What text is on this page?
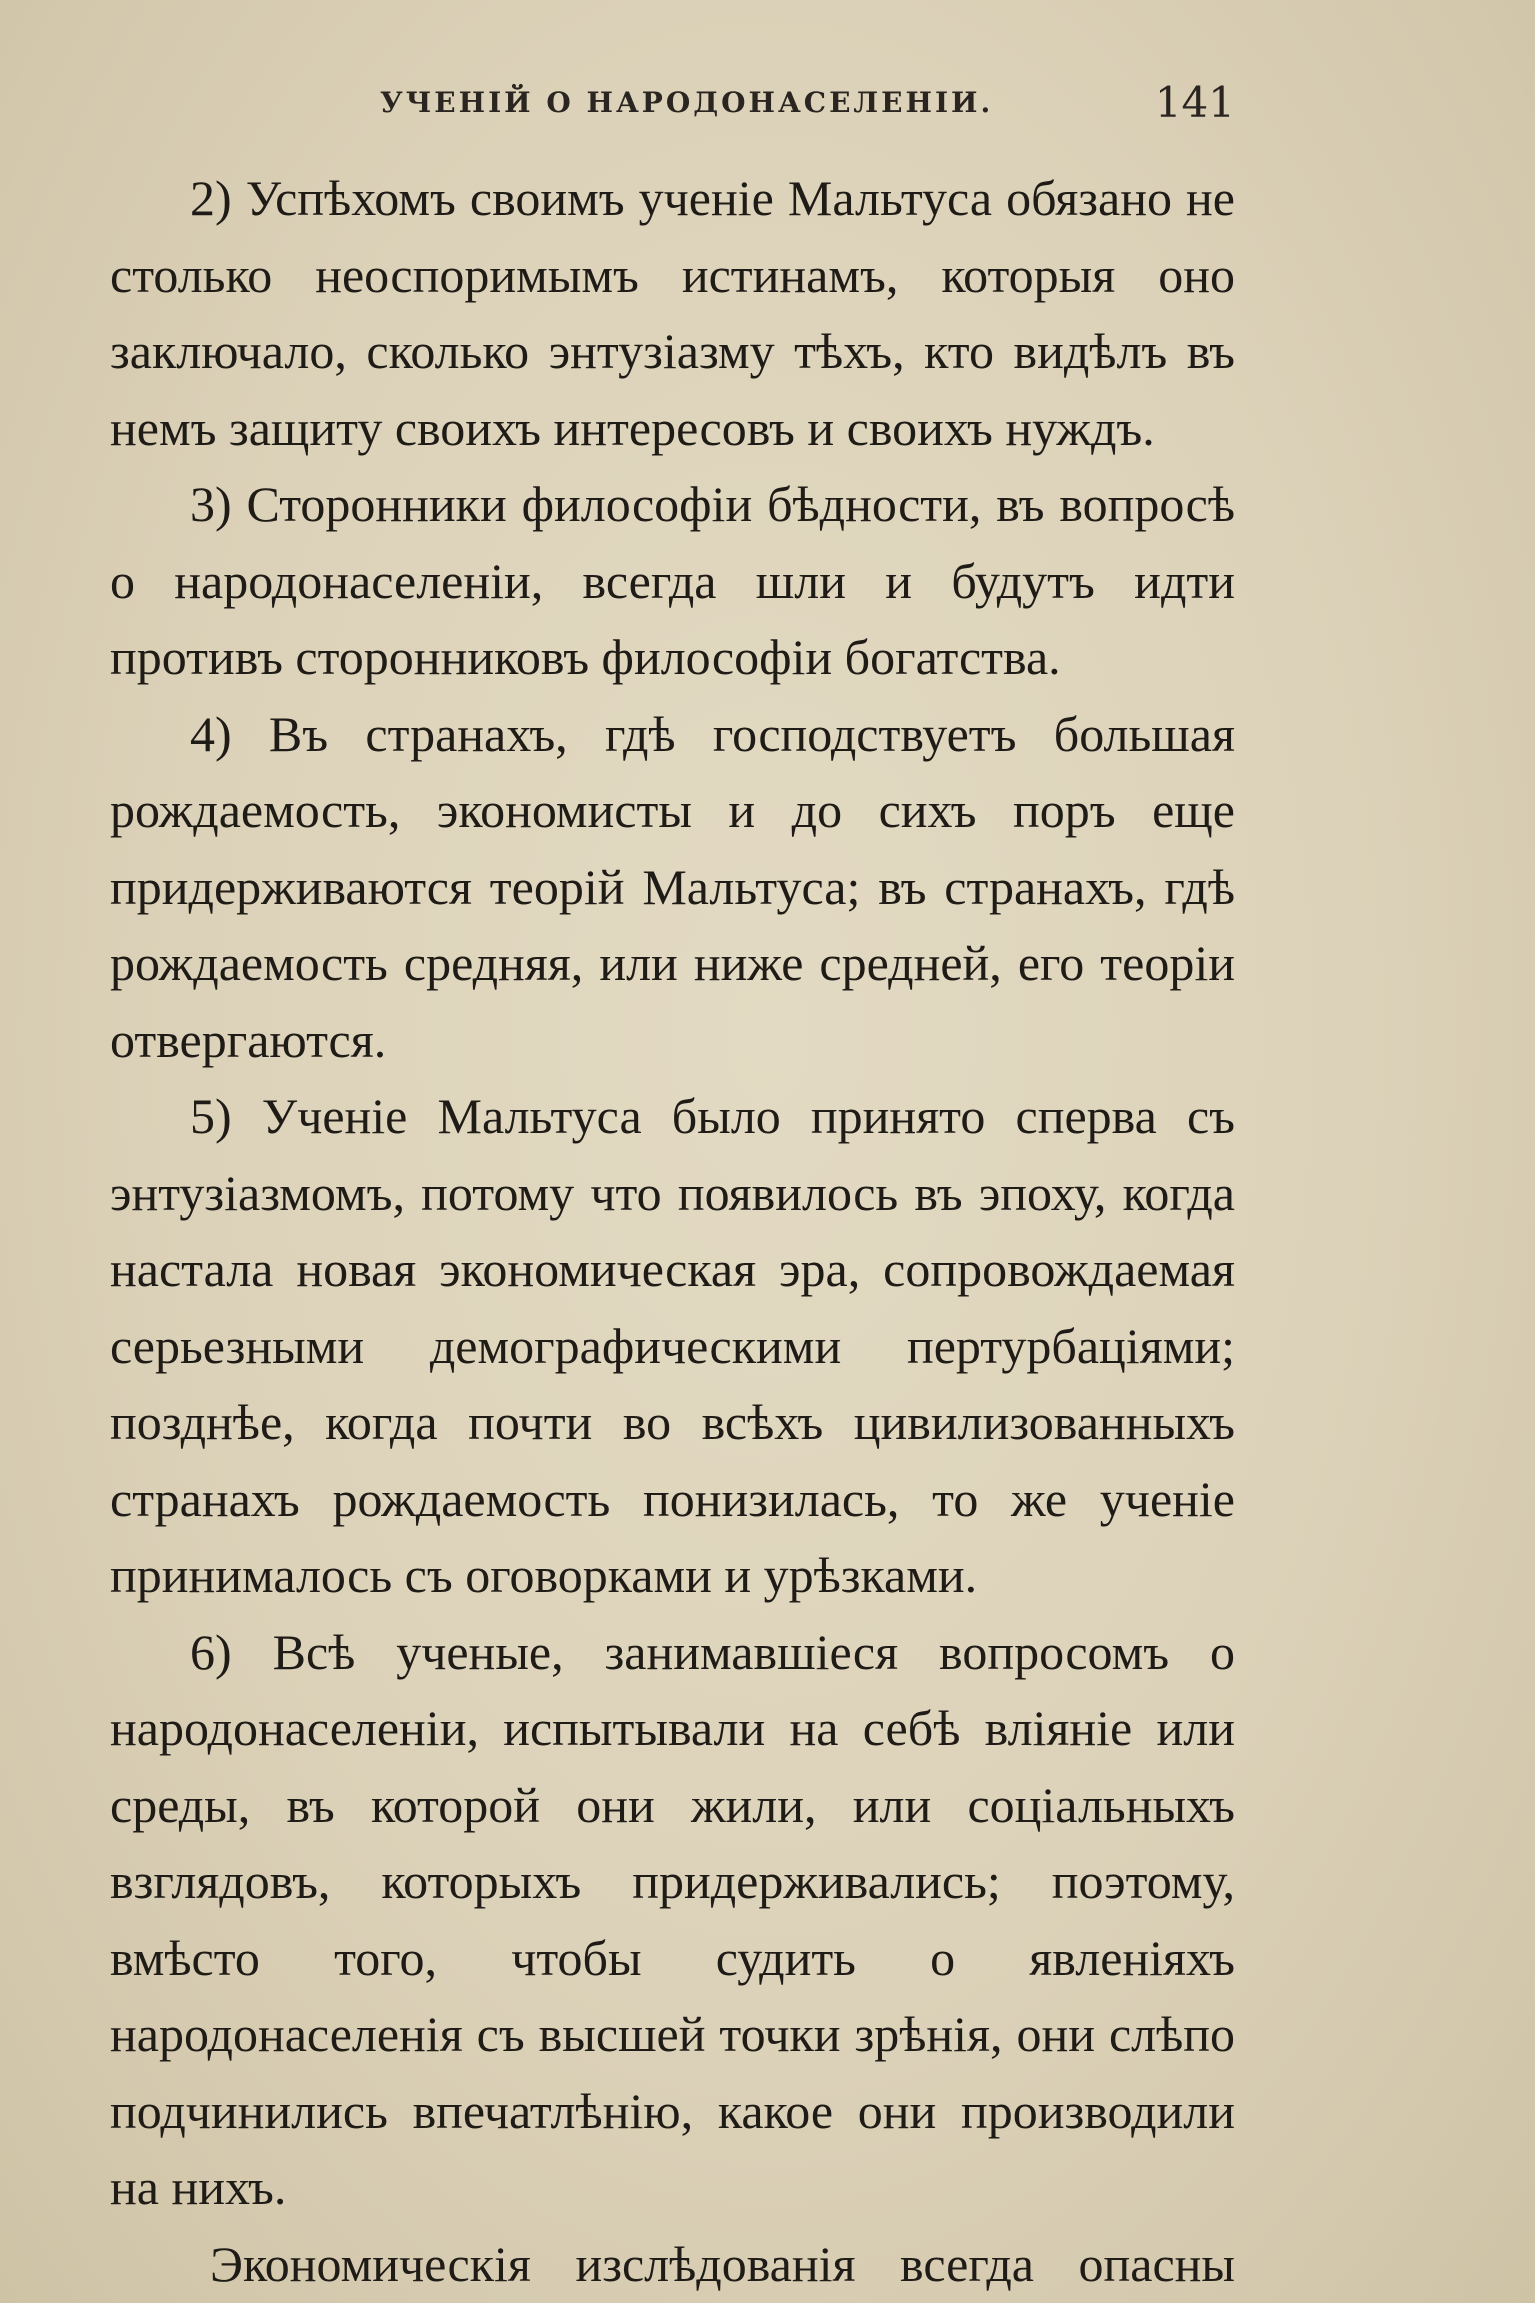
УЧЕНІЙ О НАРОДОНАСЕЛЕНІИ.	141

2) Успѣхомъ своимъ ученіе Мальтуса обязано не столько неоспоримымъ истинамъ, которыя оно заключало, сколько энтузіазму тѣхъ, кто видѣлъ въ немъ защиту своихъ интересовъ и своихъ нуждъ.

3) Сторонники философіи бѣдности, въ вопросѣ о народонаселеніи, всегда шли и будутъ идти противъ сторонниковъ философіи богатства.

4) Въ странахъ, гдѣ господствуетъ большая рождаемость, экономисты и до сихъ поръ еще придерживаются теорій Мальтуса; въ странахъ, гдѣ рождаемость средняя, или ниже средней, его теоріи отвергаются.

5) Ученіе Мальтуса было принято сперва съ энтузіазмомъ, потому что появилось въ эпоху, когда настала новая экономическая эра, сопровождаемая серьезными демографическими пертурбаціями; позднѣе, когда почти во всѣхъ цивилизованныхъ странахъ рождаемость понизилась, то же ученіе принималось съ оговорками и урѣзками.

6) Всѣ ученые, занимавшіеся вопросомъ о народонаселеніи, испытывали на себѣ вліяніе или среды, въ которой они жили, или соціальныхъ взглядовъ, которыхъ придерживались; поэтому, вмѣсто того, чтобы судить о явленіяхъ народонаселенія съ высшей точки зрѣнія, они слѣпо подчинились впечатлѣнію, какое они производили на нихъ.

Экономическія изслѣдованія всегда опасны
